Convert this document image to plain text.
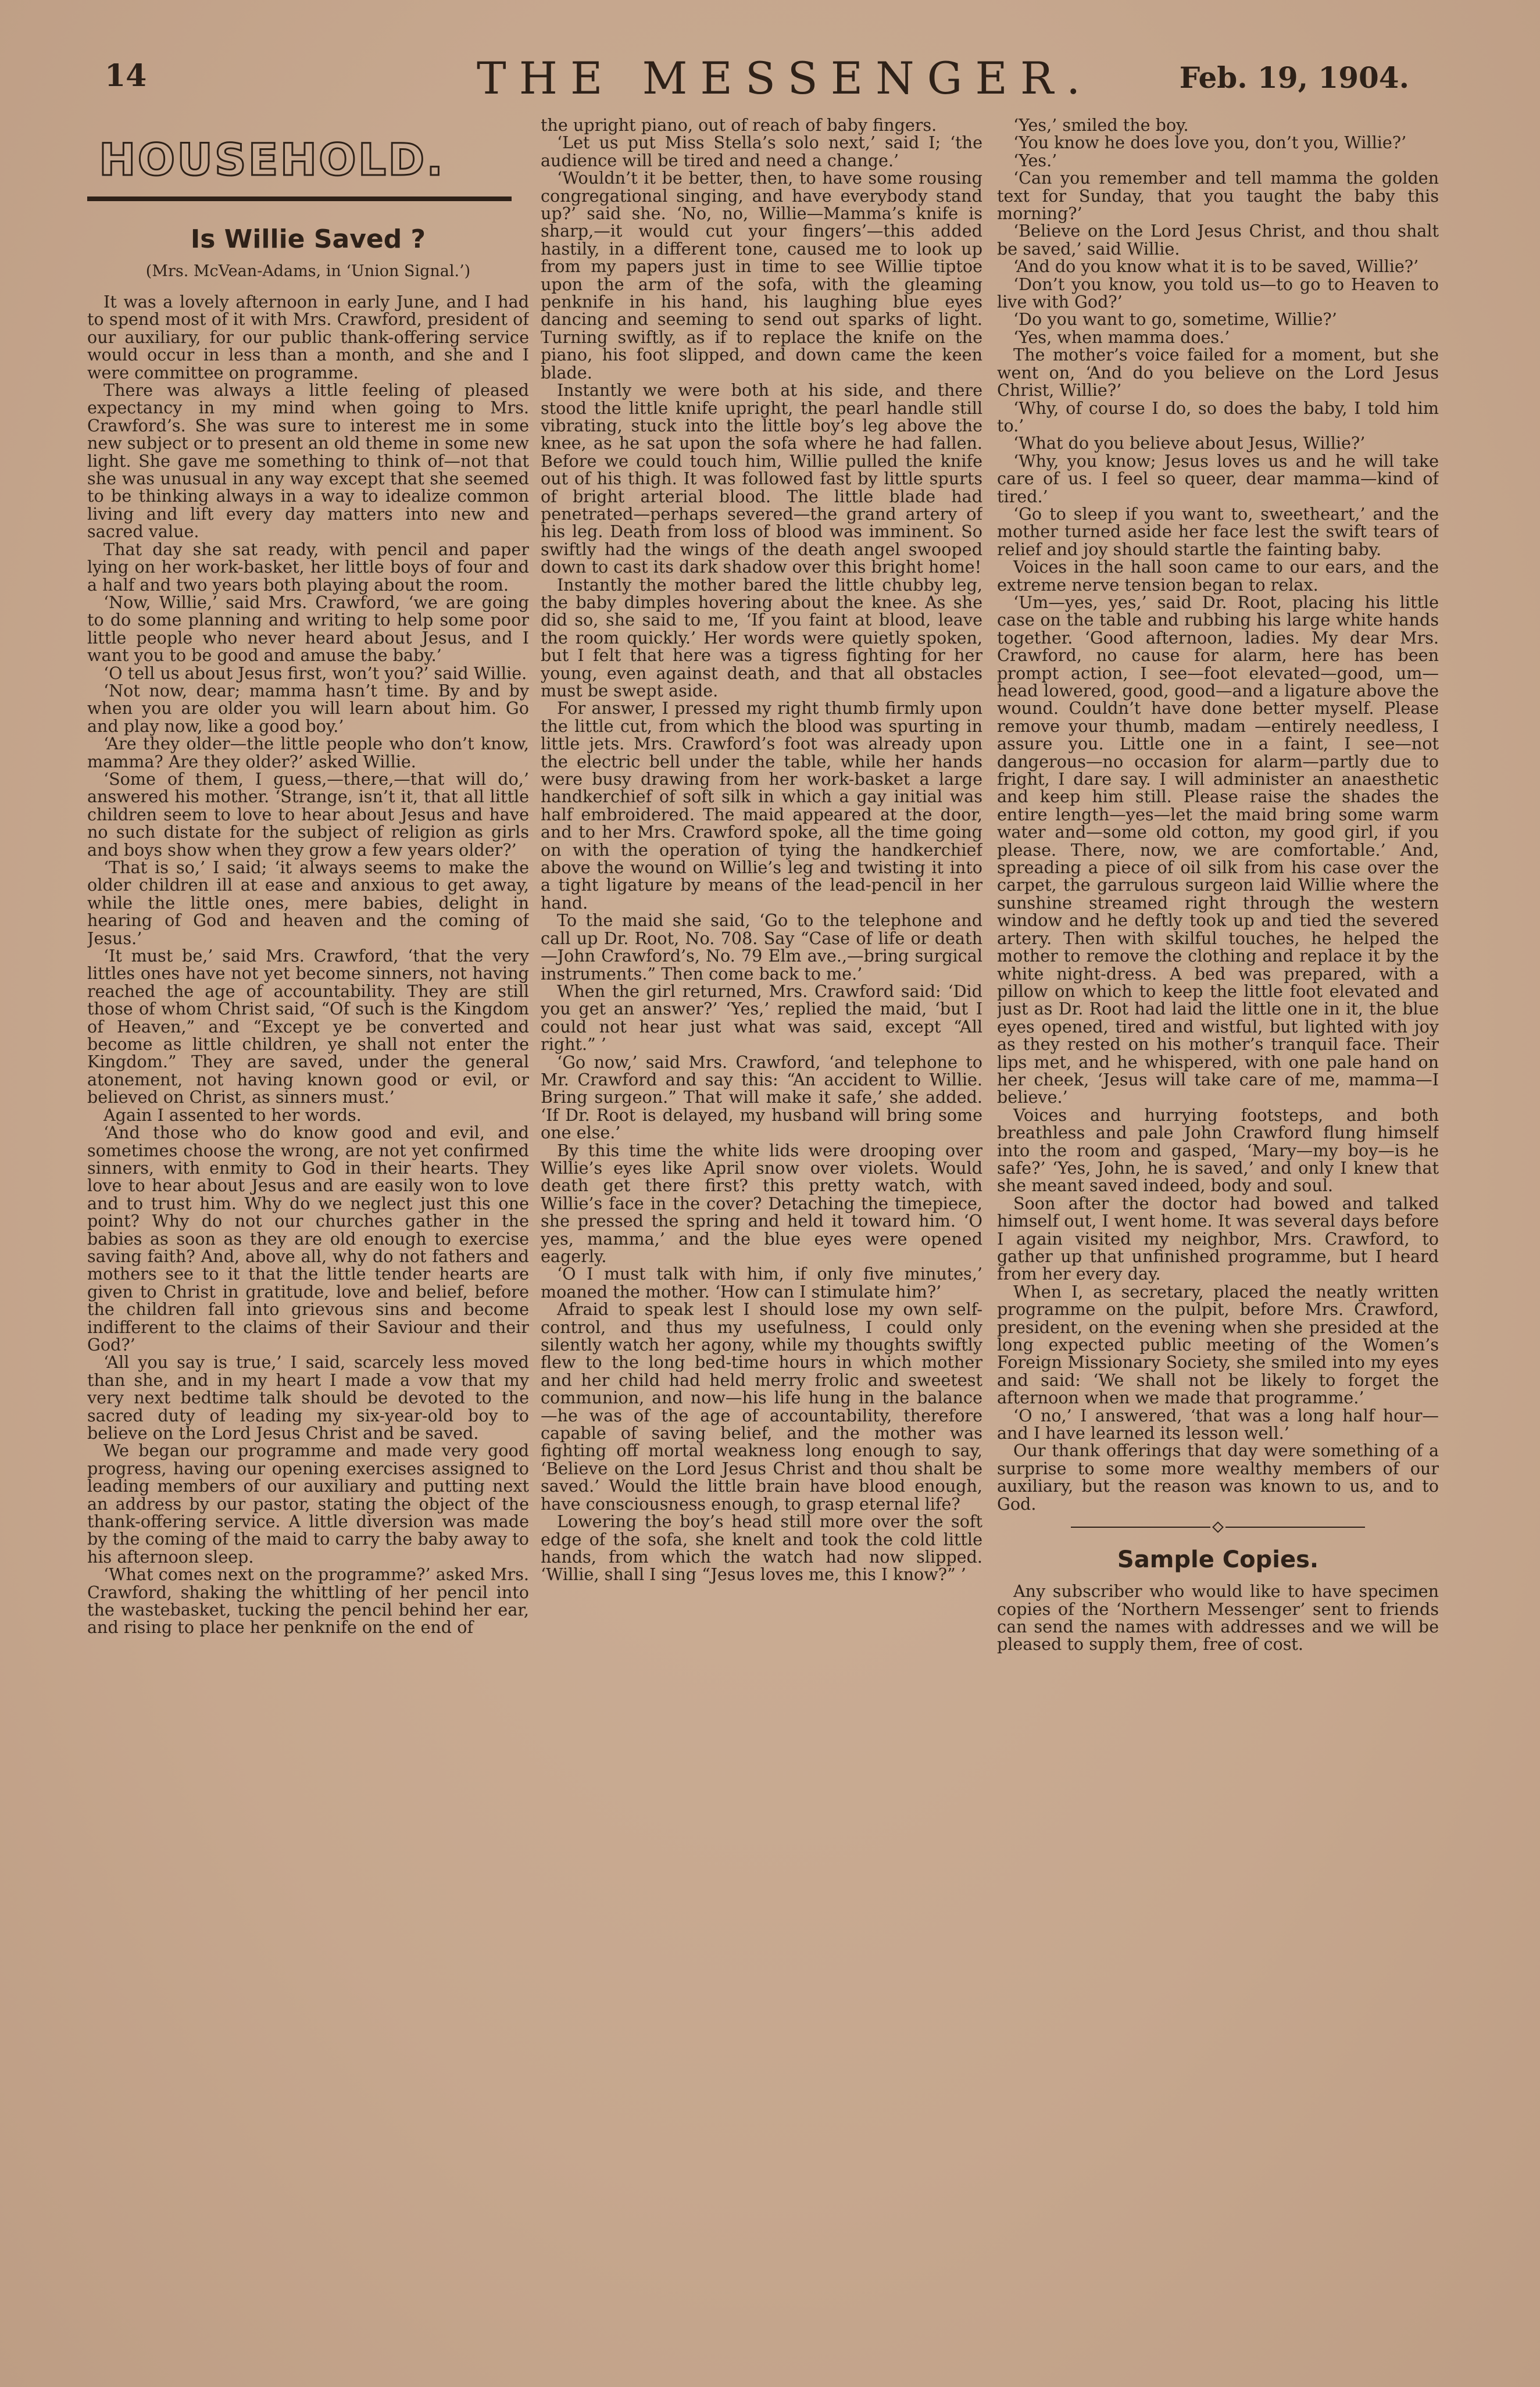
14	THE MESSENGER.	Feb. 19, 1904.
HOUSEHOLD.
Is Willie Saved ?
(Mrs. McVean-Adams, in ‘Union Signal.’)

It was a lovely afternoon in early June, and I had to spend most of it with Mrs. Crawford, president of our auxiliary, for our public thank-offering service would occur in less than a month, and she and I were committee on programme.

There was always a little feeling of pleased expectancy in my mind when going to Mrs. Crawford’s. She was sure to interest me in some new subject or to present an old theme in some new light. She gave me something to think of—not that she was unusual in any way except that she seemed to be thinking always in a way to idealize common living and lift every day matters into new and sacred value.

That day she sat ready, with pencil and paper lying on her work-basket, her little boys of four and a half and two years both playing about the room.

‘Now, Willie,’ said Mrs. Crawford, ‘we are going to do some planning and writing to help some poor little people who never heard about Jesus, and I want you to be good and amuse the baby.’

‘O tell us about Jesus first, won’t you?’ said Willie.

‘Not now, dear; mamma hasn’t time. By and by when you are older you will learn about him. Go and play now, like a good boy.’

‘Are they older—the little people who don’t know, mamma? Are they older?’ asked Willie.

‘Some of them, I guess,—there,—that will do,’ answered his mother. ‘Strange, isn’t it, that all little children seem to love to hear about Jesus and have no such distate for the subject of religion as girls and boys show when they grow a few years older?’

‘That is so,’ I said; ‘it always seems to make the older children ill at ease and anxious to get away, while the little ones, mere babies, delight in hearing of God and heaven and the coming of Jesus.’

‘It must be,’ said Mrs. Crawford, ‘that the very littles ones have not yet become sinners, not having reached the age of accountability. They are still those of whom Christ said, “Of such is the Kingdom of Heaven,” and “Except ye be converted and become as little children, ye shall not enter the Kingdom.” They are saved, under the general atonement, not having known good or evil, or believed on Christ, as sinners must.’

Again I assented to her words.

‘And those who do know good and evil, and sometimes choose the wrong, are not yet confirmed sinners, with enmity to God in their hearts. They love to hear about Jesus and are easily won to love and to trust him. Why do we neglect just this one point? Why do not our churches gather in the babies as soon as they are old enough to exercise saving faith? And, above all, why do not fathers and mothers see to it that the little tender hearts are given to Christ in gratitude, love and belief, before the children fall into grievous sins and become indifferent to the claims of their Saviour and their God?’

‘All you say is true,’ I said, scarcely less moved than she, and in my heart I made a vow that my very next bedtime talk should be devoted to the sacred duty of leading my six-year-old boy to believe on the Lord Jesus Christ and be saved.

We began our programme and made very good progress, having our opening exercises assigned to leading members of our auxiliary and putting next an address by our pastor, stating the object of the thank-offering service. A little diversion was made by the coming of the maid to carry the baby away to his afternoon sleep.

‘What comes next on the programme?’ asked Mrs. Crawford, shaking the whittling of her pencil into the wastebasket, tucking the pencil behind her ear, and rising to place her penknife on the end of

the upright piano, out of reach of baby fingers.

‘Let us put Miss Stella’s solo next,’ said I; ‘the audience will be tired and need a change.’

‘Wouldn’t it be better, then, to have some rousing congregational singing, and have everybody stand up?’ said she. ‘No, no, Willie—Mamma’s knife is sharp,—it would cut your fingers’—this added hastily, in a different tone, caused me to look up from my papers just in time to see Willie tiptoe upon the arm of the sofa, with the gleaming penknife in his hand, his laughing blue eyes dancing and seeming to send out sparks of light. Turning swiftly, as if to replace the knife on the piano, his foot slipped, and down came the keen blade.

Instantly we were both at his side, and there stood the little knife upright, the pearl handle still vibrating, stuck into the little boy’s leg above the knee, as he sat upon the sofa where he had fallen. Before we could touch him, Willie pulled the knife out of his thigh. It was followed fast by little spurts of bright arterial blood. The little blade had penetrated—perhaps severed—the grand artery of his leg. Death from loss of blood was imminent. So swiftly had the wings of the death angel swooped down to cast its dark shadow over this bright home!

Instantly the mother bared the little chubby leg, the baby dimples hovering about the knee. As she did so, she said to me, ‘If you faint at blood, leave the room quickly.’ Her words were quietly spoken, but I felt that here was a tigress fighting for her young, even against death, and that all obstacles must be swept aside.

For answer, I pressed my right thumb firmly upon the little cut, from which the blood was spurting in little jets. Mrs. Crawford’s foot was already upon the electric bell under the table, while her hands were busy drawing from her work-basket a large handkerchief of soft silk in which a gay initial was half embroidered. The maid appeared at the door, and to her Mrs. Crawford spoke, all the time going on with the operation of tying the handkerchief above the wound on Willie’s leg and twisting it into a tight ligature by means of the lead-pencil in her hand.

To the maid she said, ‘Go to the telephone and call up Dr. Root, No. 708. Say “Case of life or death—John Crawford’s, No. 79 Elm ave.,—bring surgical instruments.” Then come back to me.’

When the girl returned, Mrs. Crawford said: ‘Did you get an answer?’ ‘Yes,’ replied the maid, ‘but I could not hear just what was said, except “All right.” ’

‘Go now,’ said Mrs. Crawford, ‘and telephone to Mr. Crawford and say this: “An accident to Willie. Bring surgeon.” That will make it safe,’ she added. ‘If Dr. Root is delayed, my husband will bring some one else.’

By this time the white lids were drooping over Willie’s eyes like April snow over violets. Would death get there first? this pretty watch, with Willie’s face in the cover? Detaching the timepiece, she pressed the spring and held it toward him. ‘O yes, mamma,’ and the blue eyes were opened eagerly.

‘O I must talk with him, if only five minutes,’ moaned the mother. ‘How can I stimulate him?’

Afraid to speak lest I should lose my own self-control, and thus my usefulness, I could only silently watch her agony, while my thoughts swiftly flew to the long bed-time hours in which mother and her child had held merry frolic and sweetest communion, and now—his life hung in the balance—he was of the age of accountability, therefore capable of saving belief, and the mother was fighting off mortal weakness long enough to say, ‘Believe on the Lord Jesus Christ and thou shalt be saved.’ Would the little brain have blood enough, have consciousness enough, to grasp eternal life?

Lowering the boy’s head still more over the soft edge of the sofa, she knelt and took the cold little hands, from which the watch had now slipped. ‘Willie, shall I sing “Jesus loves me, this I know?” ’

‘Yes,’ smiled the boy.

‘You know he does love you, don’t you, Willie?’

‘Yes.’

‘Can you remember and tell mamma the golden text for Sunday, that you taught the baby this morning?’

‘Believe on the Lord Jesus Christ, and thou shalt be saved,’ said Willie.

‘And do you know what it is to be saved, Willie?’

‘Don’t you know, you told us—to go to Heaven to live with God?’

‘Do you want to go, sometime, Willie?’

‘Yes, when mamma does.’

The mother’s voice failed for a moment, but she went on, ‘And do you believe on the Lord Jesus Christ, Willie?’

‘Why, of course I do, so does the baby, I told him to.’

‘What do you believe about Jesus, Willie?’

‘Why, you know; Jesus loves us and he will take care of us. I feel so queer, dear mamma—kind of tired.’

‘Go to sleep if you want to, sweetheart,’ and the mother turned aside her face lest the swift tears of relief and joy should startle the fainting baby.

Voices in the hall soon came to our ears, and the extreme nerve tension began to relax.

‘Um—yes, yes,’ said Dr. Root, placing his little case on the table and rubbing his large white hands together. ‘Good afternoon, ladies. My dear Mrs. Crawford, no cause for alarm, here has been prompt action, I see—foot elevated—good, um—head lowered, good, good—and a ligature above the wound. Couldn’t have done better myself. Please remove your thumb, madam —entirely needless, I assure you. Little one in a faint, I see—not dangerous—no occasion for alarm—partly due to fright, I dare say. I will administer an anaesthetic and keep him still. Please raise the shades the entire length—yes—let the maid bring some warm water and—some old cotton, my good girl, if you please. There, now, we are comfortable.’ And, spreading a piece of oil silk from his case over the carpet, the garrulous surgeon laid Willie where the sunshine streamed right through the western window and he deftly took up and tied the severed artery. Then with skilful touches, he helped the mother to remove the clothing and replace it by the white night-dress. A bed was prepared, with a pillow on which to keep the little foot elevated and just as Dr. Root had laid the little one in it, the blue eyes opened, tired and wistful, but lighted with joy as they rested on his mother’s tranquil face. Their lips met, and he whispered, with one pale hand on her cheek, ‘Jesus will take care of me, mamma—I believe.’

Voices and hurrying footsteps, and both breathless and pale John Crawford flung himself into the room and gasped, ‘Mary—my boy—is he safe?’ ‘Yes, John, he is saved,’ and only I knew that she meant saved indeed, body and soul.

Soon after the doctor had bowed and talked himself out, I went home. It was several days before I again visited my neighbor, Mrs. Crawford, to gather up that unfinished programme, but I heard from her every day.

When I, as secretary, placed the neatly written programme on the pulpit, before Mrs. Crawford, president, on the evening when she presided at the long expected public meeting of the Women’s Foreign Missionary Society, she smiled into my eyes and said: ‘We shall not be likely to forget the afternoon when we made that programme.’

‘O no,’ I answered, ‘that was a long half hour—and I have learned its lesson well.’

Our thank offerings that day were something of a surprise to some more wealthy members of our auxiliary, but the reason was known to us, and to God.

Sample Copies.

Any subscriber who would like to have specimen copies of the ‘Northern Messenger’ sent to friends can send the names with addresses and we will be pleased to supply them, free of cost.
